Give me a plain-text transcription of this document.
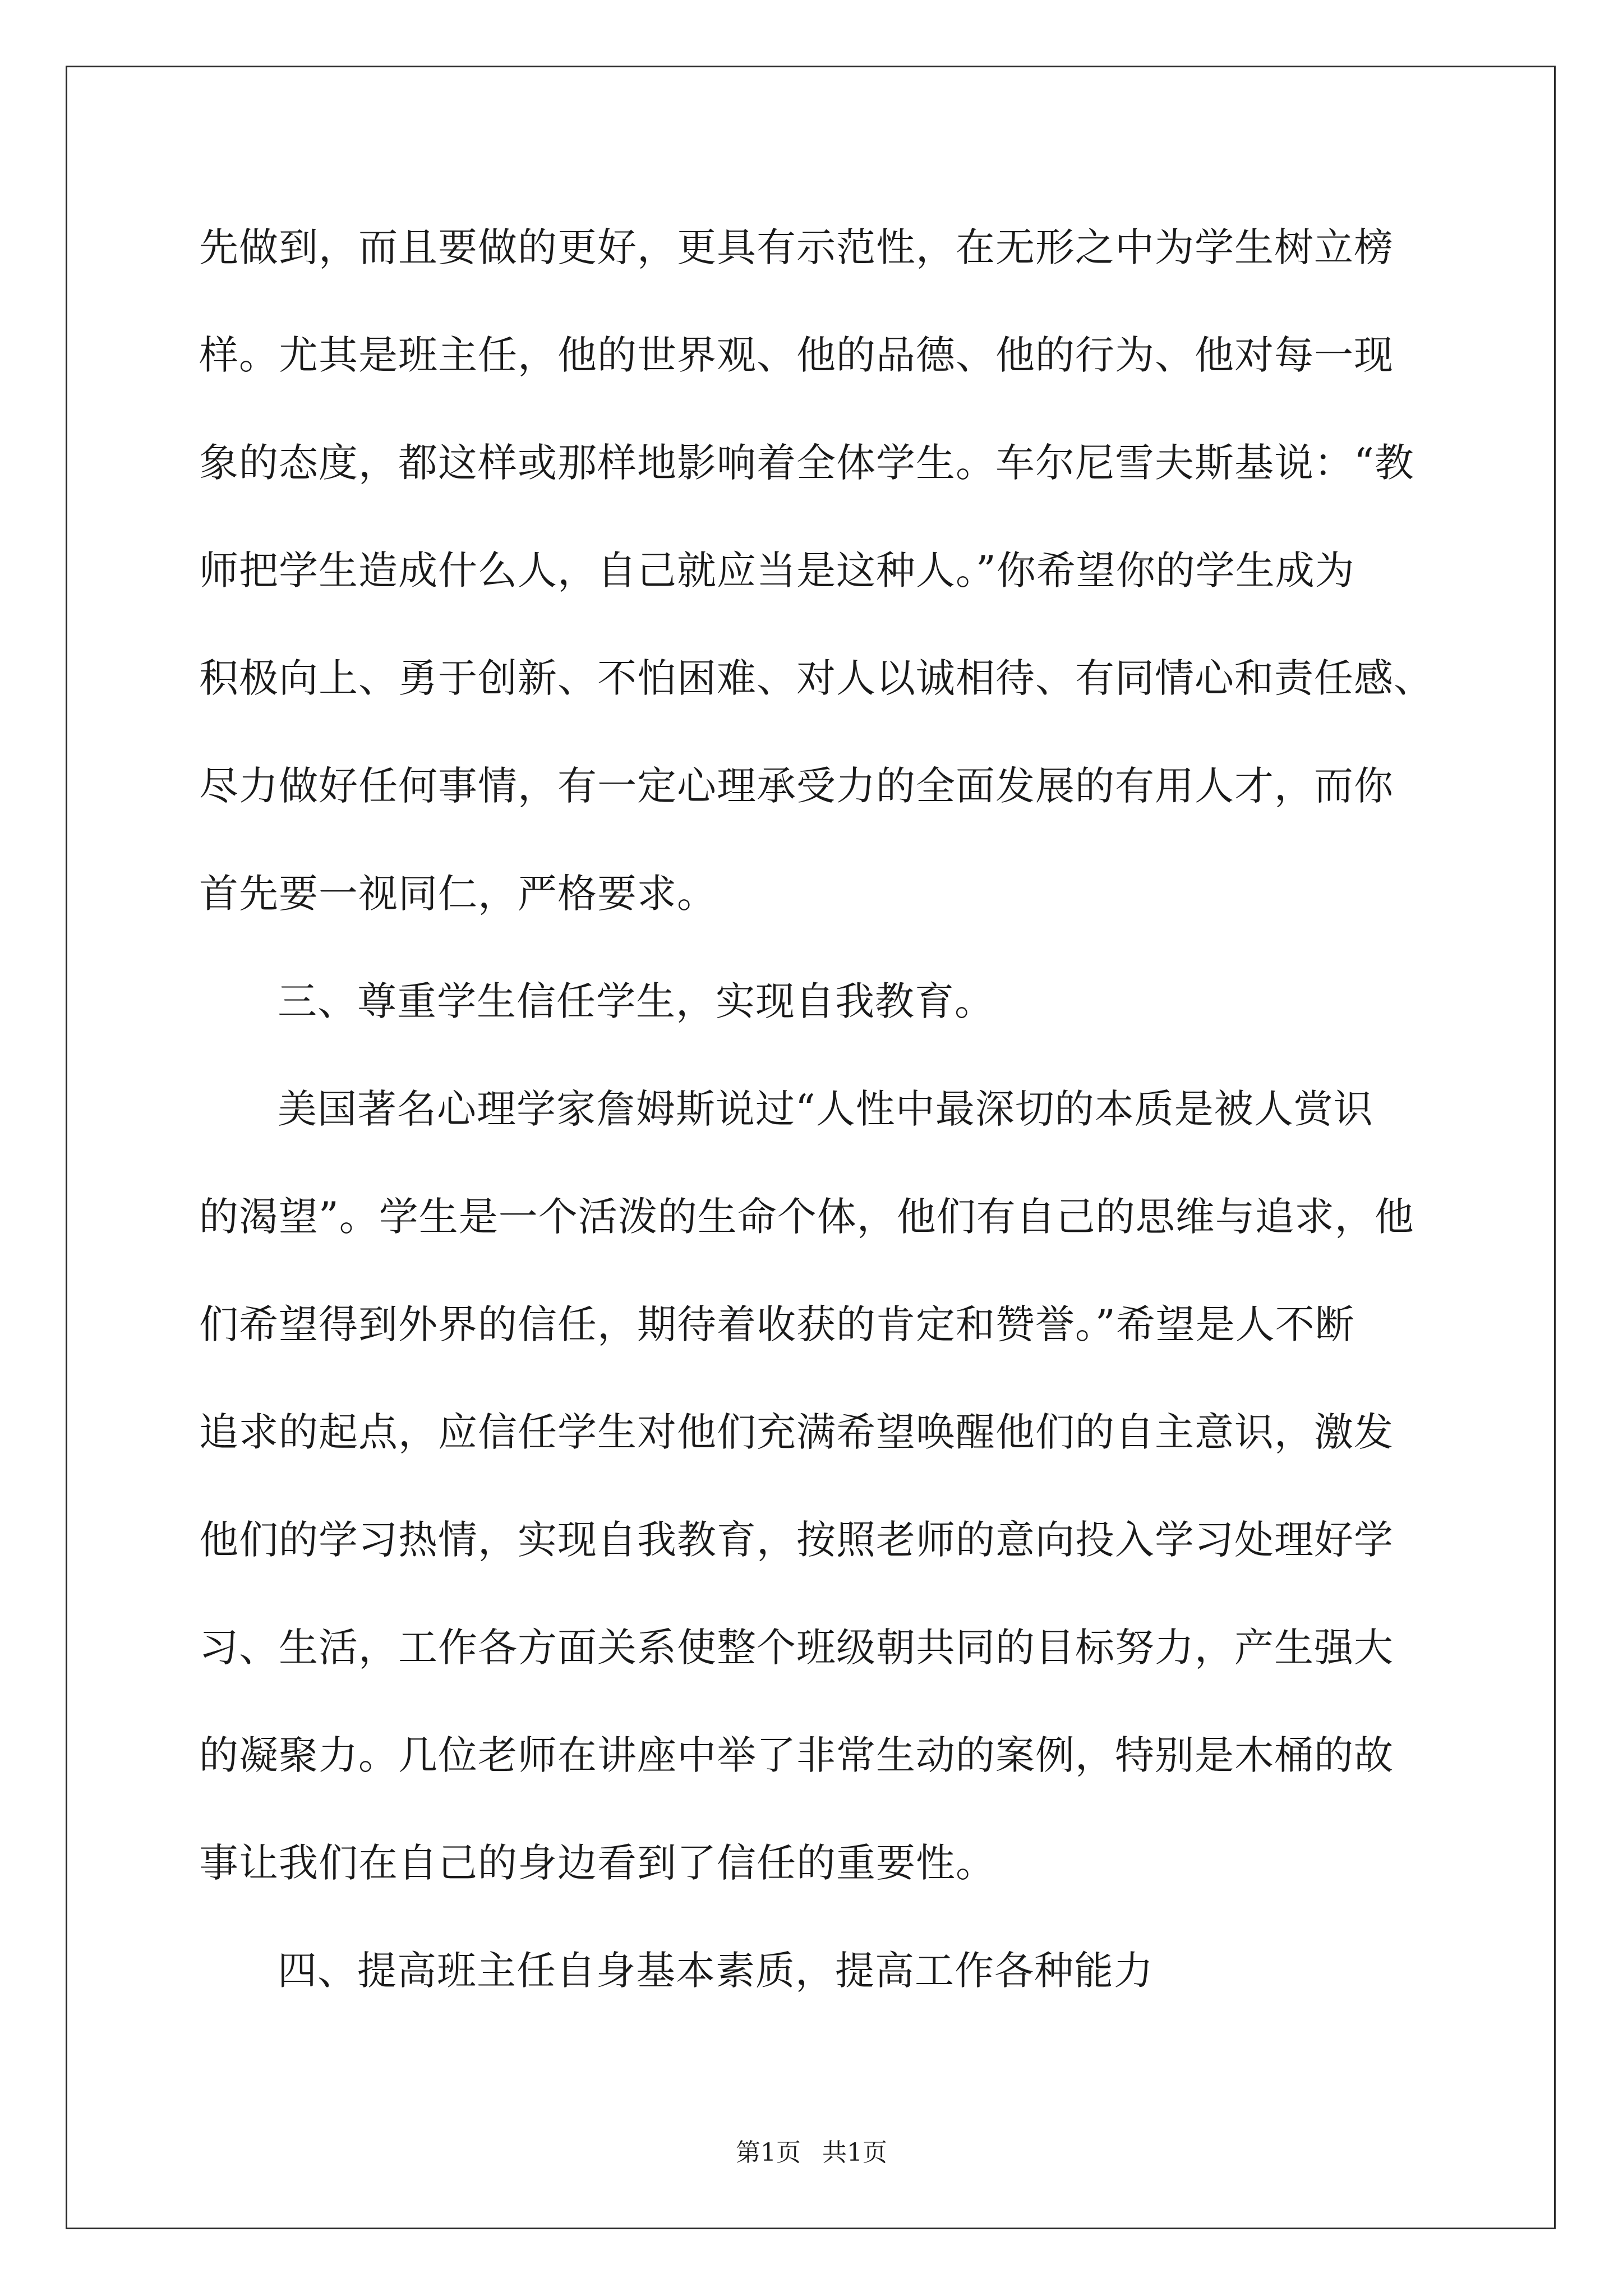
先做到，而且要做的更好，更具有示范性，在无形之中为学生树立榜
样。尤其是班主任，他的世界观、他的品德、他的行为、他对每一现
象的态度，都这样或那样地影响着全体学生。车尔尼雪夫斯基说：“教
师把学生造成什么人，自己就应当是这种人。”你希望你的学生成为
积极向上、勇于创新、不怕困难、对人以诚相待、有同情心和责任感、
尽力做好任何事情，有一定心理承受力的全面发展的有用人才，而你
首先要一视同仁，严格要求。
三、尊重学生信任学生，实现自我教育。
美国著名心理学家詹姆斯说过“人性中最深切的本质是被人赏识
的渴望”。学生是一个活泼的生命个体，他们有自己的思维与追求，他
们希望得到外界的信任，期待着收获的肯定和赞誉。”希望是人不断
追求的起点，应信任学生对他们充满希望唤醒他们的自主意识，激发
他们的学习热情，实现自我教育，按照老师的意向投入学习处理好学
习、生活，工作各方面关系使整个班级朝共同的目标努力，产生强大
的凝聚力。几位老师在讲座中举了非常生动的案例，特别是木桶的故
事让我们在自己的身边看到了信任的重要性。
四、提高班主任自身基本素质，提高工作各种能力
第1页 共1页
